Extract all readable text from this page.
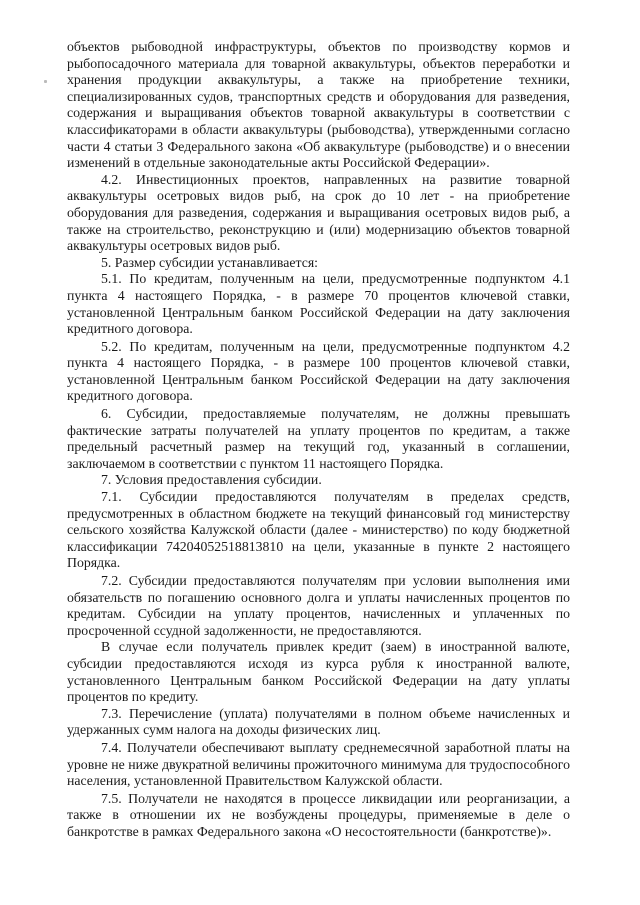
объектов рыбоводной инфраструктуры, объектов по производству кормов и рыбопосадочного материала для товарной аквакультуры, объектов переработки и хранения продукции аквакультуры, а также на приобретение техники, специализированных судов, транспортных средств и оборудования для разведения, содержания и выращивания объектов товарной аквакультуры в соответствии с классификаторами в области аквакультуры (рыбоводства), утвержденными согласно части 4 статьи 3 Федерального закона «Об аквакультуре (рыбоводстве) и о внесении изменений в отдельные законодательные акты Российской Федерации».

4.2. Инвестиционных проектов, направленных на развитие товарной аквакультуры осетровых видов рыб, на срок до 10 лет - на приобретение оборудования для разведения, содержания и выращивания осетровых видов рыб, а также на строительство, реконструкцию и (или) модернизацию объектов товарной аквакультуры осетровых видов рыб.

5. Размер субсидии устанавливается:

5.1. По кредитам, полученным на цели, предусмотренные подпунктом 4.1 пункта 4 настоящего Порядка, - в размере 70 процентов ключевой ставки, установленной Центральным банком Российской Федерации на дату заключения кредитного договора.

5.2. По кредитам, полученным на цели, предусмотренные подпунктом 4.2 пункта 4 настоящего Порядка, - в размере 100 процентов ключевой ставки, установленной Центральным банком Российской Федерации на дату заключения кредитного договора.

6. Субсидии, предоставляемые получателям, не должны превышать фактические затраты получателей на уплату процентов по кредитам, а также предельный расчетный размер на текущий год, указанный в соглашении, заключаемом в соответствии с пунктом 11 настоящего Порядка.

7. Условия предоставления субсидии.

7.1. Субсидии предоставляются получателям в пределах средств, предусмотренных в областном бюджете на текущий финансовый год министерству сельского хозяйства Калужской области (далее - министерство) по коду бюджетной классификации 74204052518813810 на цели, указанные в пункте 2 настоящего Порядка.

7.2. Субсидии предоставляются получателям при условии выполнения ими обязательств по погашению основного долга и уплаты начисленных процентов по кредитам. Субсидии на уплату процентов, начисленных и уплаченных по просроченной ссудной задолженности, не предоставляются.

В случае если получатель привлек кредит (заем) в иностранной валюте, субсидии предоставляются исходя из курса рубля к иностранной валюте, установленного Центральным банком Российской Федерации на дату уплаты процентов по кредиту.

7.3. Перечисление (уплата) получателями в полном объеме начисленных и удержанных сумм налога на доходы физических лиц.

7.4. Получатели обеспечивают выплату среднемесячной заработной платы на уровне не ниже двукратной величины прожиточного минимума для трудоспособного населения, установленной Правительством Калужской области.

7.5. Получатели не находятся в процессе ликвидации или реорганизации, а также в отношении их не возбуждены процедуры, применяемые в деле о банкротстве в рамках Федерального закона «О несостоятельности (банкротстве)».
